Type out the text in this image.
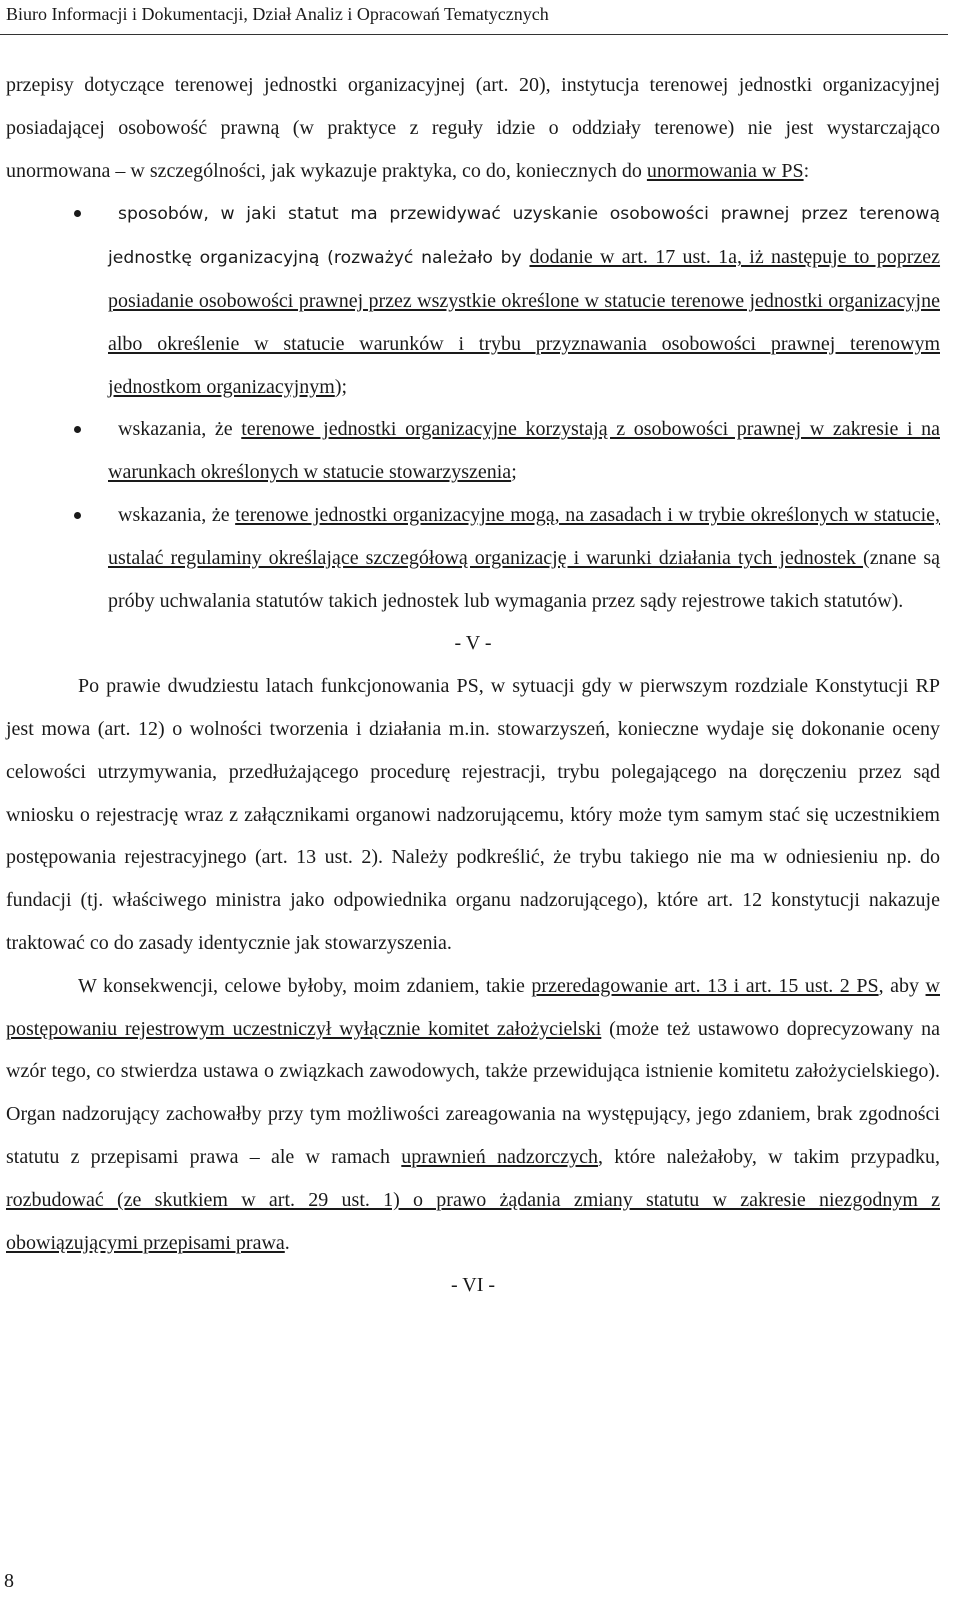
Biuro Informacji i Dokumentacji, Dział Analiz i Opracowań Tematycznych

przepisy dotyczące terenowej jednostki organizacyjnej (art. 20), instytucja terenowej jednostki organizacyjnej posiadającej osobowość prawną (w praktyce z reguły idzie o oddziały terenowe) nie jest wystarczająco unormowana – w szczególności, jak wykazuje praktyka, co do, koniecznych do unormowania w PS:

sposobów, w jaki statut ma przewidywać uzyskanie osobowości prawnej przez terenową jednostkę organizacyjną (rozważyć należało by dodanie w art. 17 ust. 1a, iż następuje to poprzez posiadanie osobowości prawnej przez wszystkie określone w statucie terenowe jednostki organizacyjne albo określenie w statucie warunków i trybu przyznawania osobowości prawnej terenowym jednostkom organizacyjnym);
wskazania, że terenowe jednostki organizacyjne korzystają z osobowości prawnej w zakresie i na warunkach określonych w statucie stowarzyszenia;
wskazania, że terenowe jednostki organizacyjne mogą, na zasadach i w trybie określonych w statucie, ustalać regulaminy określające szczegółową organizację i warunki działania tych jednostek (znane są próby uchwalania statutów takich jednostek lub wymagania przez sądy rejestrowe takich statutów).
- V -

Po prawie dwudziestu latach funkcjonowania PS, w sytuacji gdy w pierwszym rozdziale Konstytucji RP jest mowa (art. 12) o wolności tworzenia i działania m.in. stowarzyszeń, konieczne wydaje się dokonanie oceny celowości utrzymywania, przedłużającego procedurę rejestracji, trybu polegającego na doręczeniu przez sąd wniosku o rejestrację wraz z załącznikami organowi nadzorującemu, który może tym samym stać się uczestnikiem postępowania rejestracyjnego (art. 13 ust. 2). Należy podkreślić, że trybu takiego nie ma w odniesieniu np. do fundacji (tj. właściwego ministra jako odpowiednika organu nadzorującego), które art. 12 konstytucji nakazuje traktować co do zasady identycznie jak stowarzyszenia.

W konsekwencji, celowe byłoby, moim zdaniem, takie przeredagowanie art. 13 i art. 15 ust. 2 PS, aby w postępowaniu rejestrowym uczestniczył wyłącznie komitet założycielski (może też ustawowo doprecyzowany na wzór tego, co stwierdza ustawa o związkach zawodowych, także przewidująca istnienie komitetu założycielskiego). Organ nadzorujący zachowałby przy tym możliwości zareagowania na występujący, jego zdaniem, brak zgodności statutu z przepisami prawa – ale w ramach uprawnień nadzorczych, które należałoby, w takim przypadku, rozbudować (ze skutkiem w art. 29 ust. 1) o prawo żądania zmiany statutu w zakresie niezgodnym z obowiązującymi przepisami prawa.

- VI -
8
